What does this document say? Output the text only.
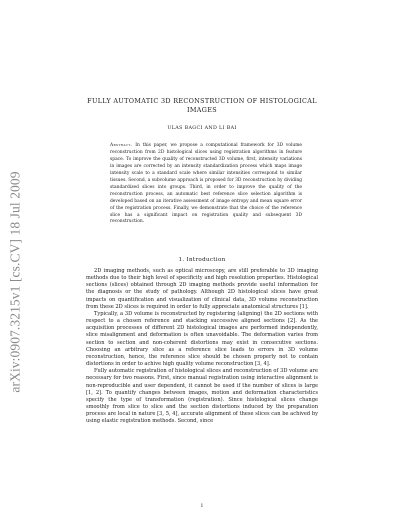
arXiv:0907.3215v1 [cs.CV] 18 Jul 2009
FULLY AUTOMATIC 3D RECONSTRUCTION OF HISTOLOGICAL IMAGES
ULAS BAGCI AND LI BAI
Abstract. In this paper, we propose a computational framework for 3D volume reconstruction from 2D histological slices using registration algorithms in feature space. To improve the quality of reconstructed 3D volume, first, intensity variations in images are corrected by an intensity standardization process which maps image intensity scale to a standard scale where similar intensities correspond to similar tissues. Second, a subvolume approach is proposed for 3D reconstruction by dividing standardized slices into groups. Third, in order to improve the quality of the reconstruction process, an automatic best reference slice selection algorithm is developed based on an iterative assessment of image entropy and mean square error of the registration process. Finally, we demonstrate that the choice of the reference slice has a significant impact on registration quality and subsequent 3D reconstruction.
1. Introduction

2D imaging methods, such as optical microscopy, are still preferable to 3D imaging methods due to their high level of specificity and high resolution properties. Histological sections (slices) obtained through 2D imaging methods provide useful information for the diagnosis or the study of pathology. Although 2D histological slices have great impacts on quantification and visualization of clinical data, 3D volume reconstruction from these 2D slices is required in order to fully appreciate anatomical structures [1].

Typically, a 3D volume is reconstructed by registering (aligning) the 2D sections with respect to a chosen reference and stacking successive aligned sections [2]. As the acquisition processes of different 2D histological images are performed independently, slice misalignment and deformation is often unavoidable. The deformation varies from section to section and non-coherent distortions may exist in consecutive sections. Choosing an arbitrary slice as a reference slice leads to errors in 3D volume reconstruction, hence, the reference slice should be chosen properly not to contain distortions in order to achive high quality volume reconstruction [3, 4].

Fully automatic registration of histological slices and reconstruction of 3D volume are necessary for two reasons. First, since manual registration using interactive alignment is non-reproducible and user dependent, it cannot be used if the number of slices is large [1, 2]. To quantify changes between images, motion and deformation characteristics specify the type of transformation (registration). Since histological slices change smoothly from slice to slice and the section distortions induced by the preparation process are local in nature [3, 5, 4], accurate alignment of these slices can be achived by using elastic registration methods. Second, since

1
